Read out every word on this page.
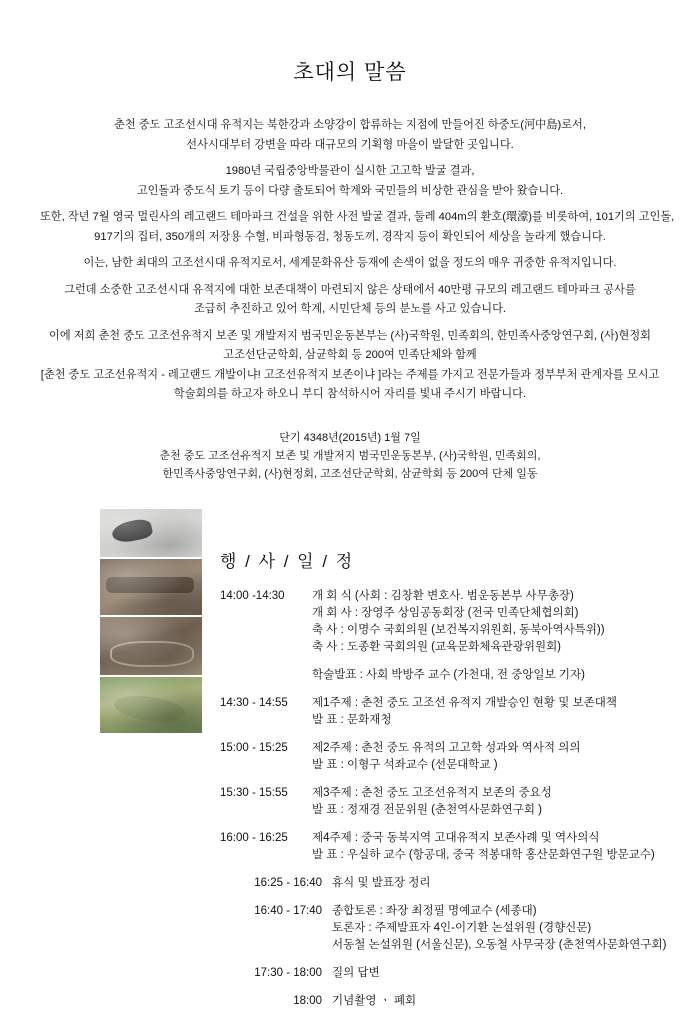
초대의 말씀
춘천 중도 고조선시대 유적지는 북한강과 소양강이 합류하는 지점에 만들어진 하중도(河中島)로서,
선사시대부터 강변을 따라 대규모의 기획형 마을이 발달한 곳입니다.
1980년 국립중앙박물관이 실시한 고고학 발굴 결과,
고인돌과 중도식 토기 등이 다량 출토되어 학계와 국민들의 비상한 관심을 받아 왔습니다.
또한, 작년 7월 영국 멀린사의 레고랜드 테마파크 건설을 위한 사전 발굴 결과, 둘레 404m의 환호(環濠)를 비롯하여, 101기의 고인돌,
917기의 집터, 350개의 저장용 수혈, 비파형동검, 청동도끼, 경작지 등이 확인되어 세상을 놀라게 했습니다.
이는, 남한 최대의 고조선시대 유적지로서, 세계문화유산 등재에 손색이 없을 정도의 매우 귀중한 유적지입니다.
그런데 소중한 고조선시대 유적지에 대한 보존대책이 마련되지 않은 상태에서 40만평 규모의 레고랜드 테마파크 공사를
조급히 추진하고 있어 학계, 시민단체 등의 분노를 사고 있습니다.
이에 저희 춘천 중도 고조선유적지 보존 및 개발저지 범국민운동본부는 (사)국학원, 민족회의, 한민족사중앙연구회, (사)현정회
고조선단군학회, 삼균학회 등 200여 민족단체와 함께
[춘천 중도 고조선유적지 - 레고랜드 개발이냐! 고조선유적지 보존이냐 ]라는 주제를 가지고 전문가들과 정부부처 관계자를 모시고
학술회의를 하고자 하오니 부디 참석하시어 자리를 빛내 주시기 바랍니다.
단기 4348년(2015년) 1월 7일
춘천 중도 고조선유적지 보존 및 개발저지 범국민운동본부, (사)국학원, 민족회의,
한민족사중앙연구회, (사)현정회, 고조선단군학회, 삼균학회 등 200여 단체 일동
행 / 사 / 일 / 정
14:00 -14:30	개 회 식 (사회 : 김창환 변호사. 범운동본부 사무총장)
개 회 사 : 장영주 상임공동회장 (전국 민족단체협의회)
축 사 : 이명수 국회의원 (보건복지위원회, 동북아역사특위))
축 사 : 도종환 국회의원 (교육문화체육관광위원회)
학술발표 : 사회 박방주 교수 (가천대, 전 중앙일보 기자)
14:30 - 14:55	제1주제 : 춘천 중도 고조선 유적지 개발승인 현황 및 보존대책
발 표 : 문화재청
15:00 - 15:25	제2주제 : 춘천 중도 유적의 고고학 성과와 역사적 의의
발 표 : 이형구 석좌교수 (선문대학교 )
15:30 - 15:55	제3주제 : 춘천 중도 고조선유적지 보존의 중요성
발 표 : 정재경 전문위원 (춘천역사문화연구회 )
16:00 - 16:25	제4주제 : 중국 동북지역 고대유적지 보존사례 및 역사의식
발 표 : 우실하 교수 (항공대, 중국 적봉대학 홍산문화연구원 방문교수)
16:25 - 16:40 휴식 및 발표장 정리
16:40 - 17:40 종합토론 : 좌장 최정필 명예교수 (세종대)
토론자 : 주제발표자 4인-이기환 논설위원 (경향신문)
서동철 논설위원 (서울신문), 오동철 사무국장 (춘천역사문화연구회)
17:30 - 18:00 질의 답변
18:00 기념촬영 ㆍ 폐회
